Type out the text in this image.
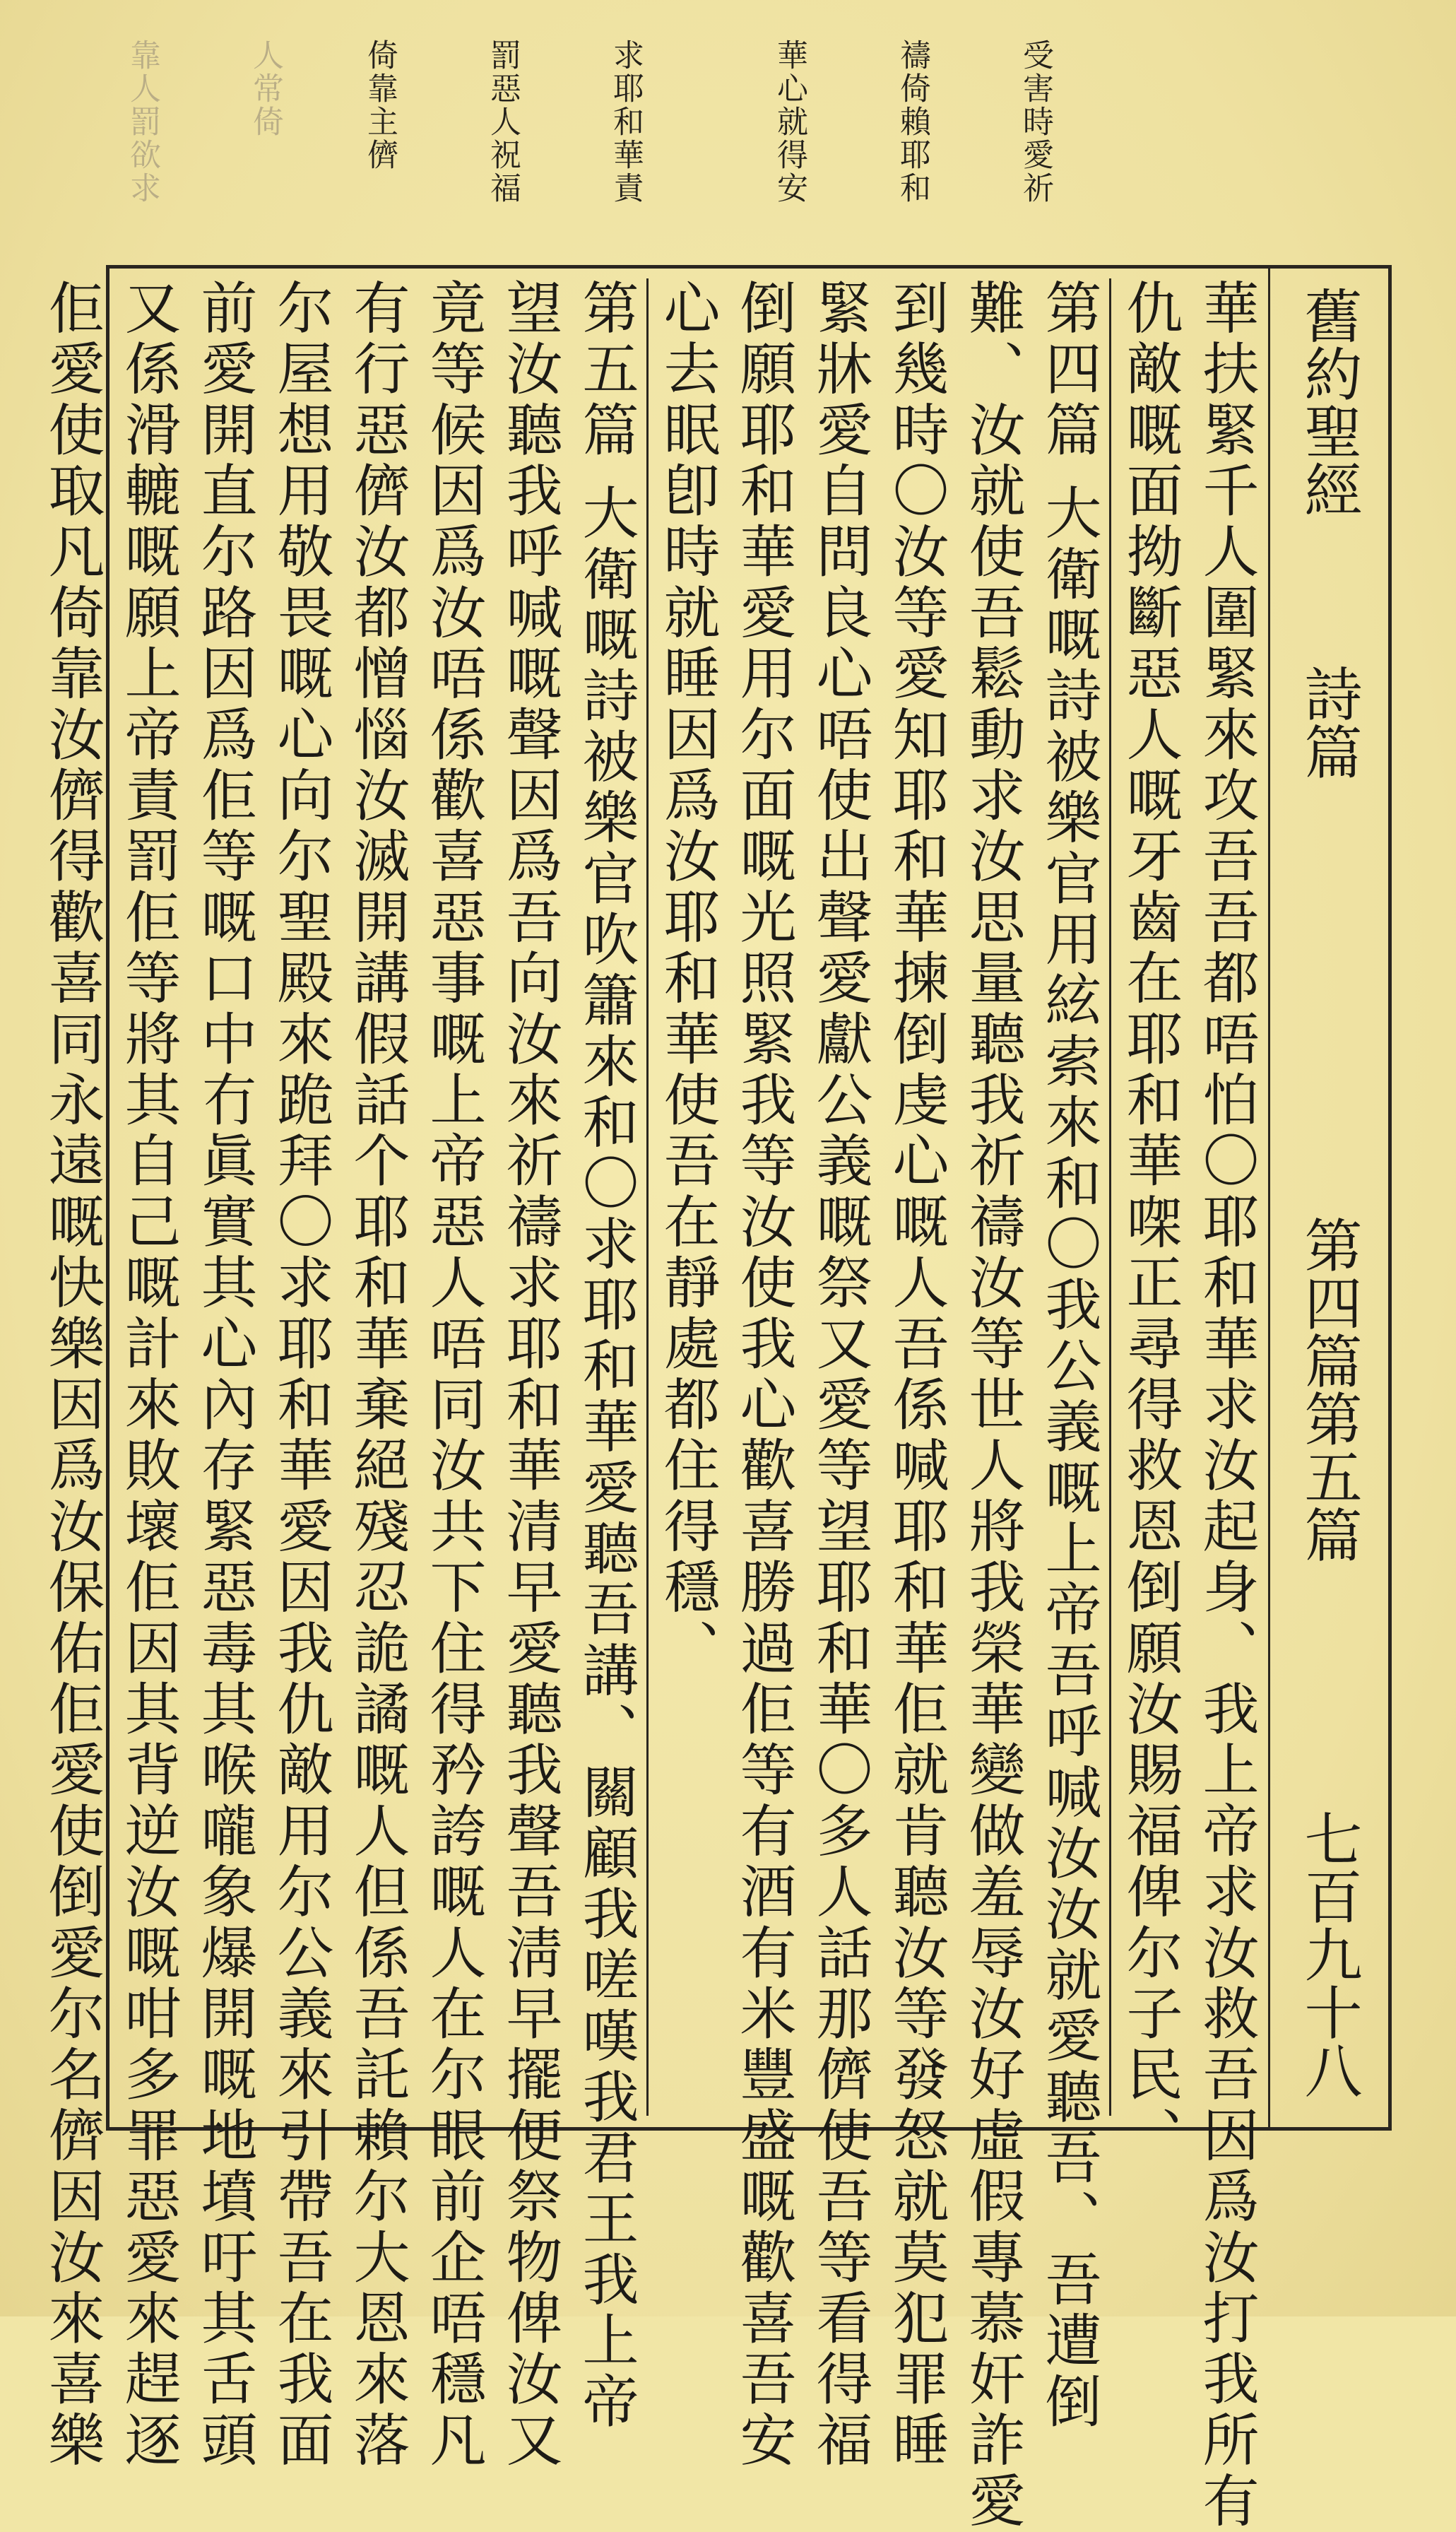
受害時愛祈

禱倚賴耶和

華心就得安

求耶和華責

罰惡人祝福

倚靠主儕

人常倚

靠人罰欲求

舊約聖經
詩篇
第四篇第五篇
七百九十八
華扶緊千人圍緊來攻吾吾都唔怕〇耶和華求汝起身、我上帝求汝救吾因爲汝打我所有
仇敵嘅面拗斷惡人嘅牙齒在耶和華㗎正尋得救恩倒願汝賜福俾尔子民、
第四篇 大衛嘅詩被樂官用絃索來和〇我公義嘅上帝吾呼喊汝汝就愛聽吾、吾遭倒
難、汝就使吾鬆動求汝思量聽我祈禱汝等世人將我榮華變做羞辱汝好虛假專慕奸詐愛
到幾時〇汝等愛知耶和華揀倒虔心嘅人吾係喊耶和華佢就肯聽汝等發怒就莫犯罪睡
緊牀愛自問良心唔使出聲愛獻公義嘅祭又愛等望耶和華〇多人話那儕使吾等看得福
倒願耶和華愛用尔面嘅光照緊我等汝使我心歡喜勝過佢等有酒有米豐盛嘅歡喜吾安
心去眠卽時就睡因爲汝耶和華使吾在靜處都住得穩、
第五篇 大衛嘅詩被樂官吹簫來和〇求耶和華愛聽吾講、關顧我嗟嘆我君王我上帝
望汝聽我呼喊嘅聲因爲吾向汝來祈禱求耶和華清早愛聽我聲吾淸早擺便祭物俾汝又
竟等候因爲汝唔係歡喜惡事嘅上帝惡人唔同汝共下住得矜誇嘅人在尔眼前企唔穩凡
有行惡儕汝都憎惱汝滅開講假話个耶和華棄絕殘忍詭譎嘅人但係吾託賴尔大恩來落
尔屋想用敬畏嘅心向尔聖殿來跪拜〇求耶和華愛因我仇敵用尔公義來引帶吾在我面
前愛開直尔路因爲佢等嘅口中冇眞實其心內存緊惡毒其喉嚨象爆開嘅地墳吁其舌頭
又係滑轆嘅願上帝責罰佢等將其自己嘅計來敗壞佢因其背逆汝嘅咁多罪惡愛來趕逐
佢愛使取凡倚靠汝儕得歡喜同永遠嘅快樂因爲汝保佑佢愛使倒愛尔名儕因汝來喜樂
